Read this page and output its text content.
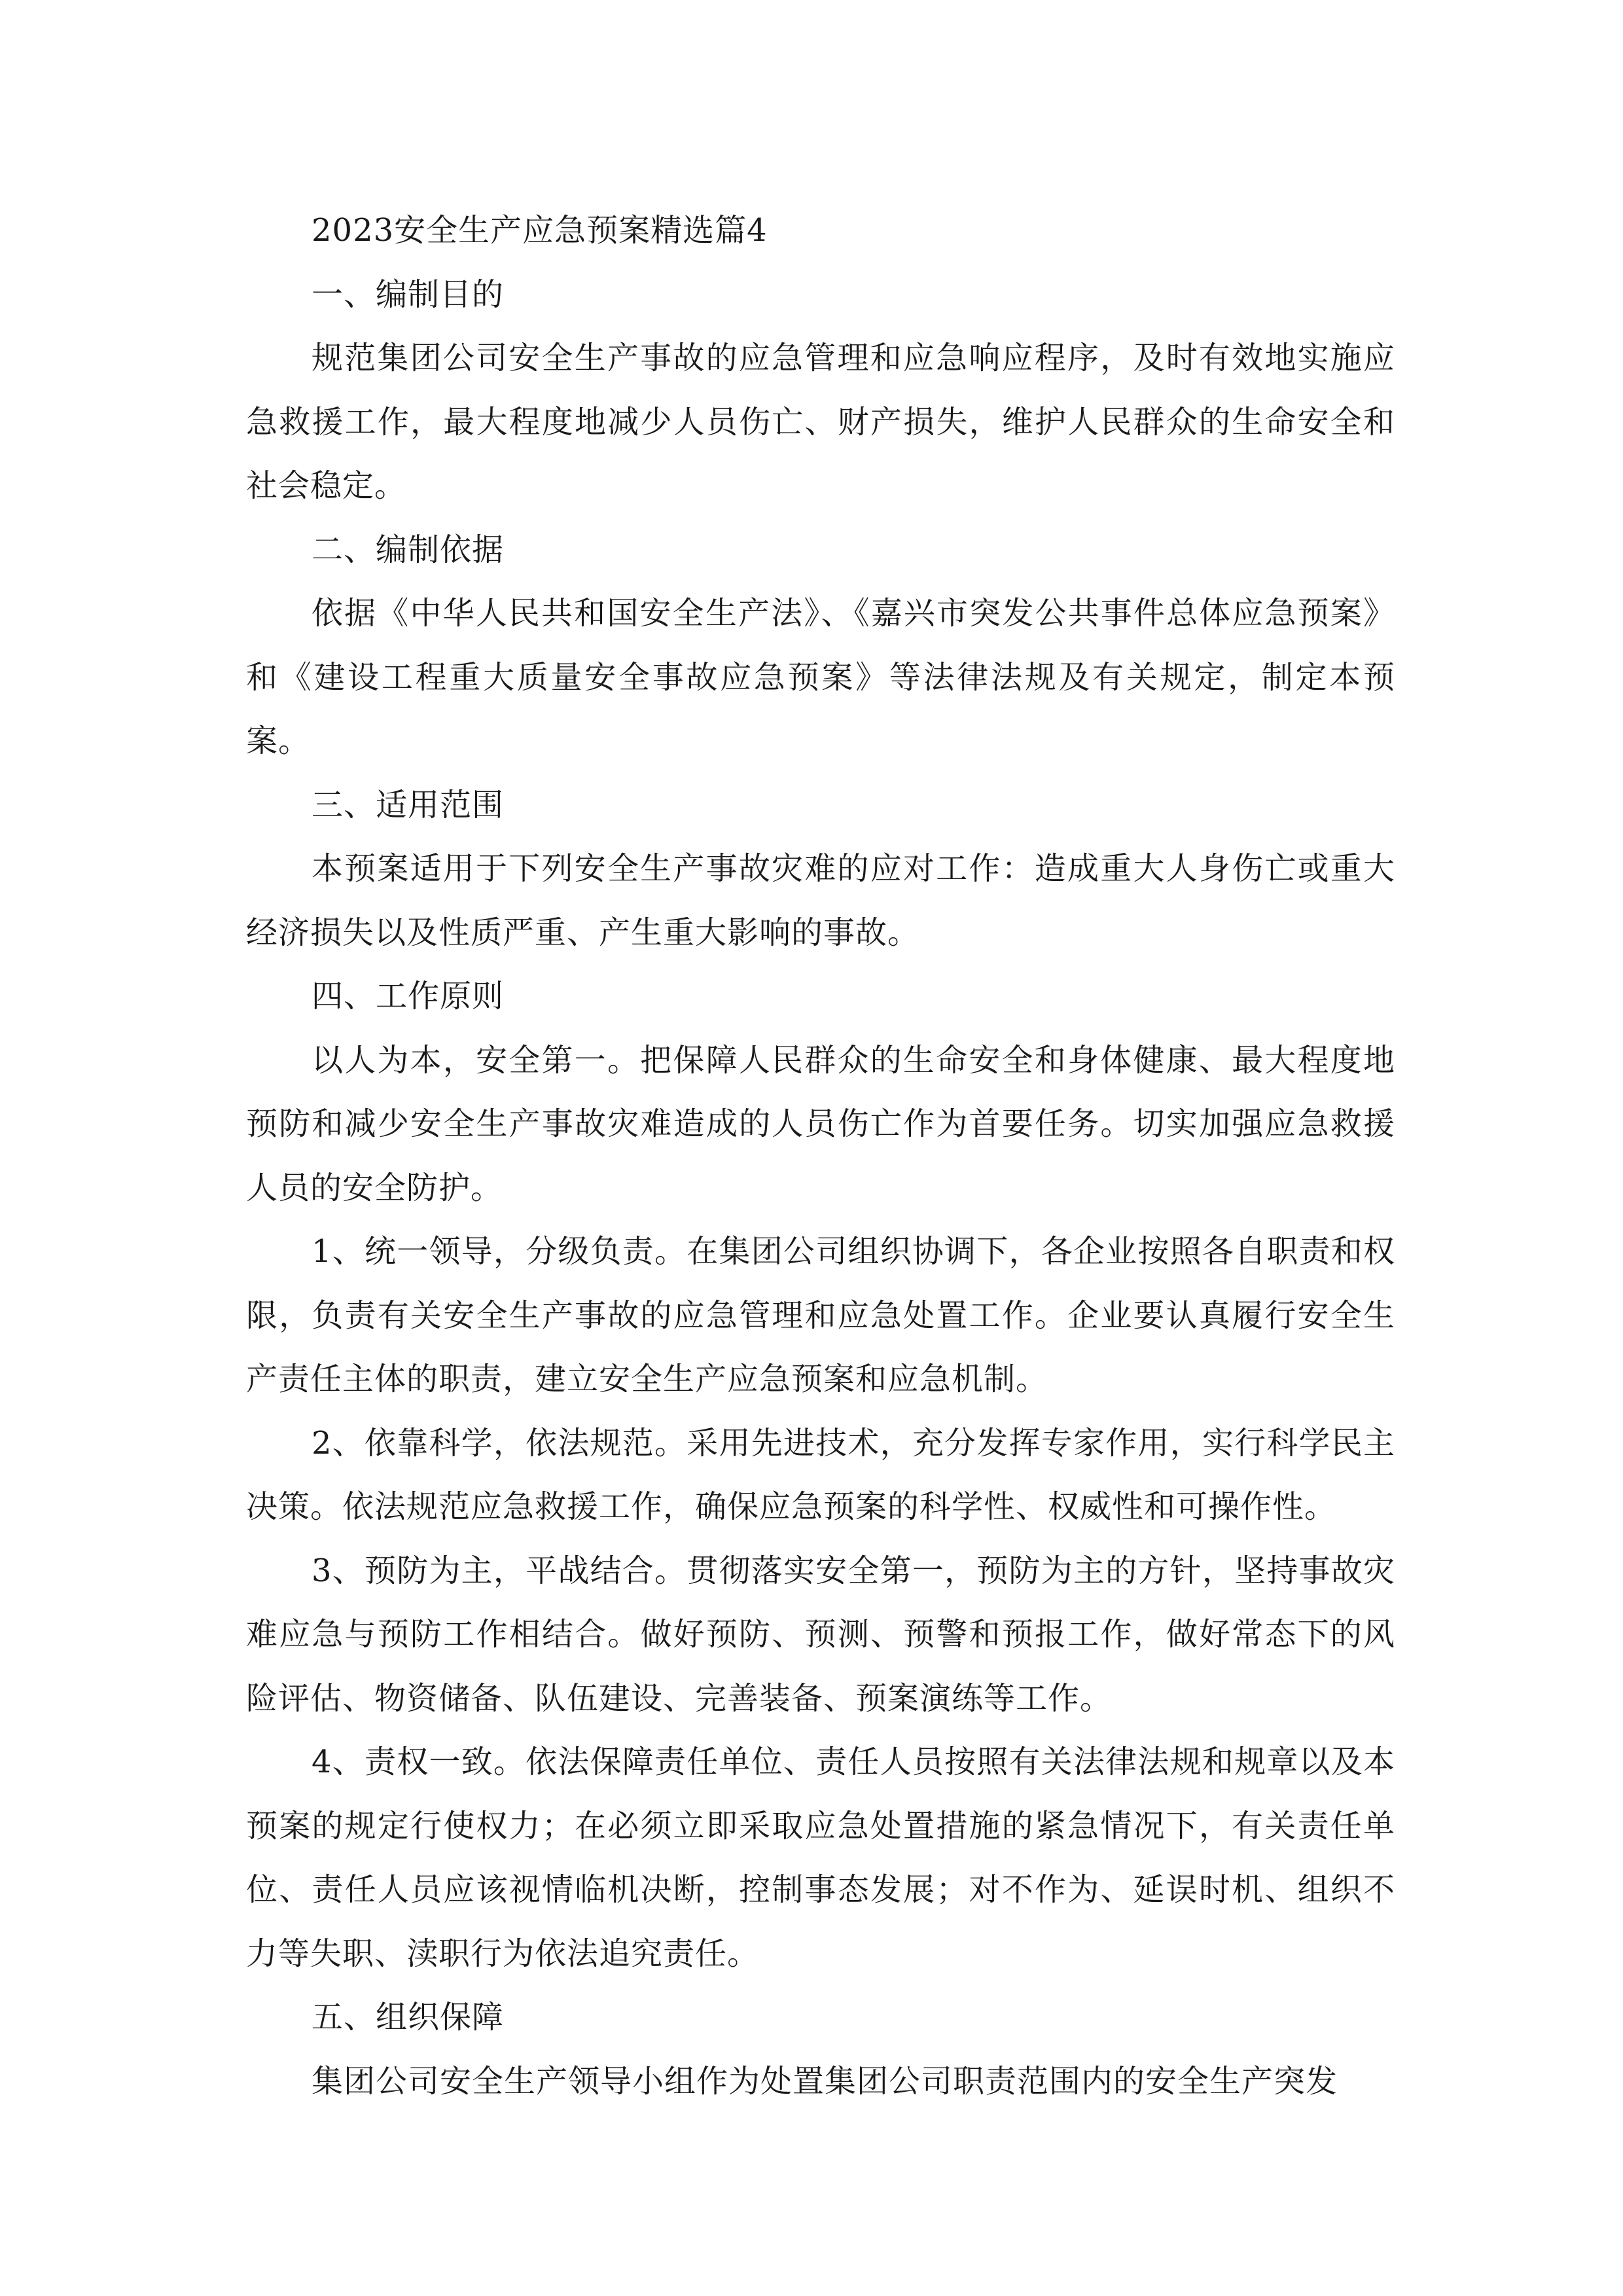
2023安全生产应急预案精选篇4

一、编制目的

规范集团公司安全生产事故的应急管理和应急响应程序，及时有效地实施应急救援工作，最大程度地减少人员伤亡、财产损失，维护人民群众的生命安全和社会稳定。

二、编制依据

依据《中华人民共和国安全生产法》、《嘉兴市突发公共事件总体应急预案》和《建设工程重大质量安全事故应急预案》等法律法规及有关规定，制定本预案。

三、适用范围

本预案适用于下列安全生产事故灾难的应对工作：造成重大人身伤亡或重大经济损失以及性质严重、产生重大影响的事故。

四、工作原则

以人为本，安全第一。把保障人民群众的生命安全和身体健康、最大程度地预防和减少安全生产事故灾难造成的人员伤亡作为首要任务。切实加强应急救援人员的安全防护。

1、统一领导，分级负责。在集团公司组织协调下，各企业按照各自职责和权限，负责有关安全生产事故的应急管理和应急处置工作。企业要认真履行安全生产责任主体的职责，建立安全生产应急预案和应急机制。

2、依靠科学，依法规范。采用先进技术，充分发挥专家作用，实行科学民主决策。依法规范应急救援工作，确保应急预案的科学性、权威性和可操作性。

3、预防为主，平战结合。贯彻落实安全第一，预防为主的方针，坚持事故灾难应急与预防工作相结合。做好预防、预测、预警和预报工作，做好常态下的风险评估、物资储备、队伍建设、完善装备、预案演练等工作。

4、责权一致。依法保障责任单位、责任人员按照有关法律法规和规章以及本预案的规定行使权力；在必须立即采取应急处置措施的紧急情况下，有关责任单位、责任人员应该视情临机决断，控制事态发展；对不作为、延误时机、组织不力等失职、渎职行为依法追究责任。

五、组织保障

集团公司安全生产领导小组作为处置集团公司职责范围内的安全生产突发
